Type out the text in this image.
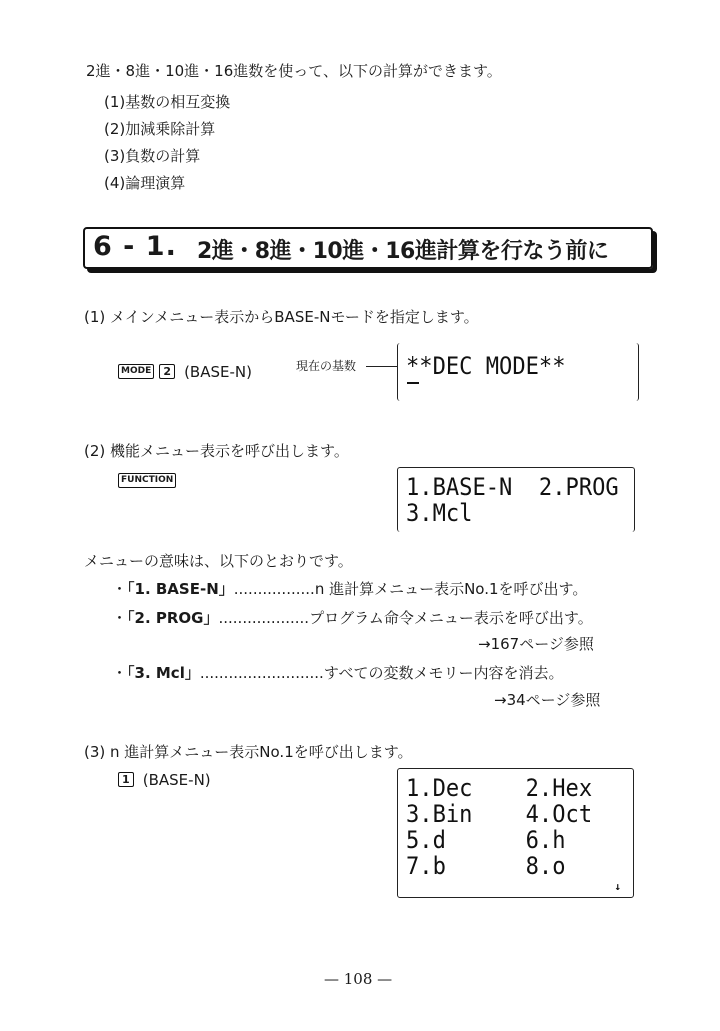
2進・8進・10進・16進数を使って、以下の計算ができます。
(1)基数の相互変換
(2)加減乗除計算
(3)負数の計算
(4)論理演算
6 - 1. 2進・8進・10進・16進計算を行なう前に
(1) メインメニュー表示からBASE-Nモードを指定します。
MODE 2 (BASE-N)	現在の基数 **DEC MODE**
(2) 機能メニュー表示を呼び出します。
FUNCTION	1.BASE-N  2.PROG
3.Mcl
メニューの意味は、以下のとおりです。
・「1. BASE-N」.................n 進計算メニュー表示No.1を呼び出す。
・「2. PROG」...................プログラム命令メニュー表示を呼び出す。
→167ページ参照
・「3. Mcl」..........................すべての変数メモリー内容を消去。
→34ページ参照
(3) n 進計算メニュー表示No.1を呼び出します。
1 (BASE-N)	1.Dec    2.Hex
3.Bin    4.Oct
5.d      6.h
7.b      8.o
↓
— 108 —
